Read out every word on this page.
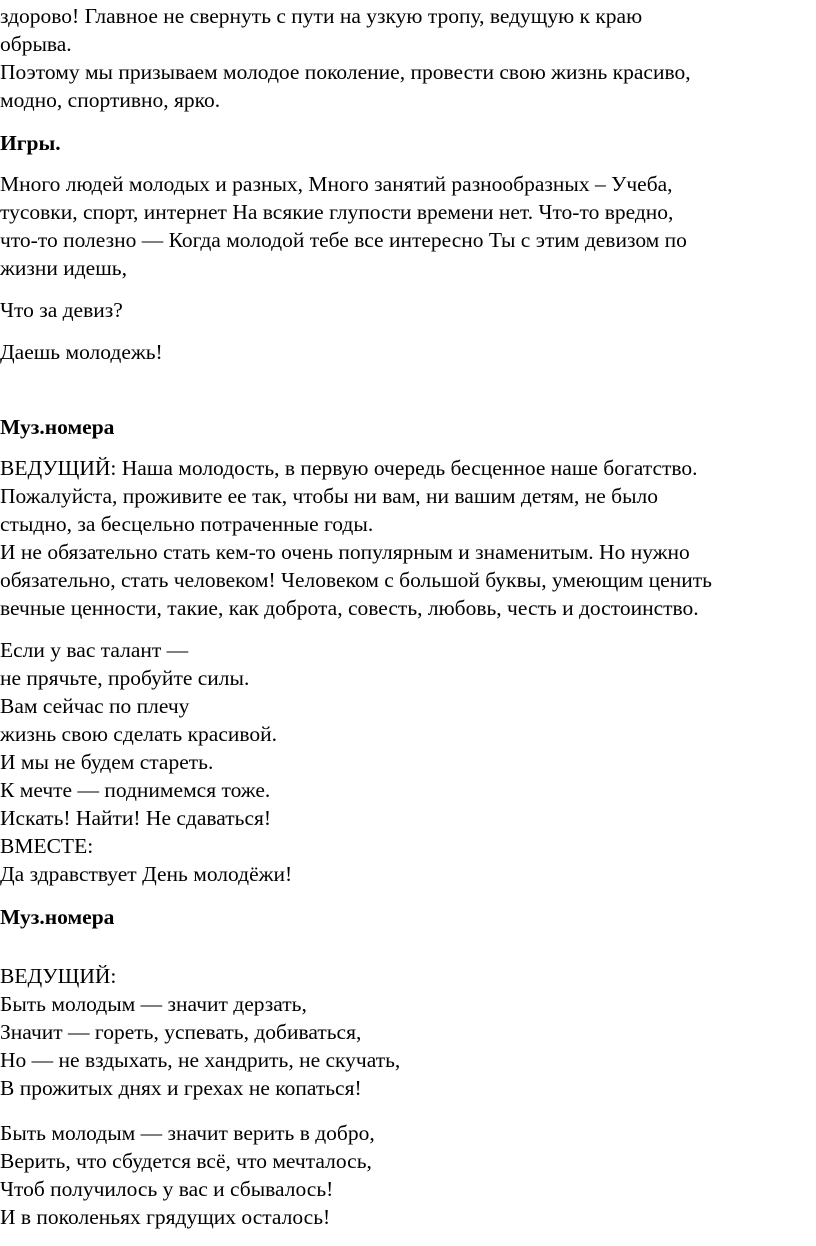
здорово! Главное не свернуть с пути на узкую тропу, ведущую к краю
обрыва.
Поэтому мы призываем молодое поколение, провести свою жизнь красиво,
модно, спортивно, ярко.
Игры.
Много людей молодых и разных, Много занятий разнообразных – Учеба,
тусовки, спорт, интернет На всякие глупости времени нет. Что-то вредно,
что-то полезно — Когда молодой тебе все интересно Ты с этим девизом по
жизни идешь,
Что за девиз?
Даешь молодежь!
Муз.номера
ВЕДУЩИЙ: Наша молодость, в первую очередь бесценное наше богатство.
Пожалуйста, проживите ее так, чтобы ни вам, ни вашим детям, не было
стыдно, за бесцельно потраченные годы.
И не обязательно стать кем-то очень популярным и знаменитым. Но нужно
обязательно, стать человеком! Человеком с большой буквы, умеющим ценить
вечные ценности, такие, как доброта, совесть, любовь, честь и достоинство.
Если у вас талант —
не прячьте, пробуйте силы.
Вам сейчас по плечу
жизнь свою сделать красивой.
И мы не будем стареть.
К мечте — поднимемся тоже.
Искать! Найти! Не сдаваться!
ВМЕСТЕ:
Да здравствует День молодёжи!
Муз.номера
ВЕДУЩИЙ:
Быть молодым — значит дерзать,
Значит — гореть, успевать, добиваться,
Но — не вздыхать, не хандрить, не скучать,
В прожитых днях и грехах не копаться!
Быть молодым — значит верить в добро,
Верить, что сбудется всё, что мечталось,
Чтоб получилось у вас и сбывалось!
И в поколеньях грядущих осталось!
